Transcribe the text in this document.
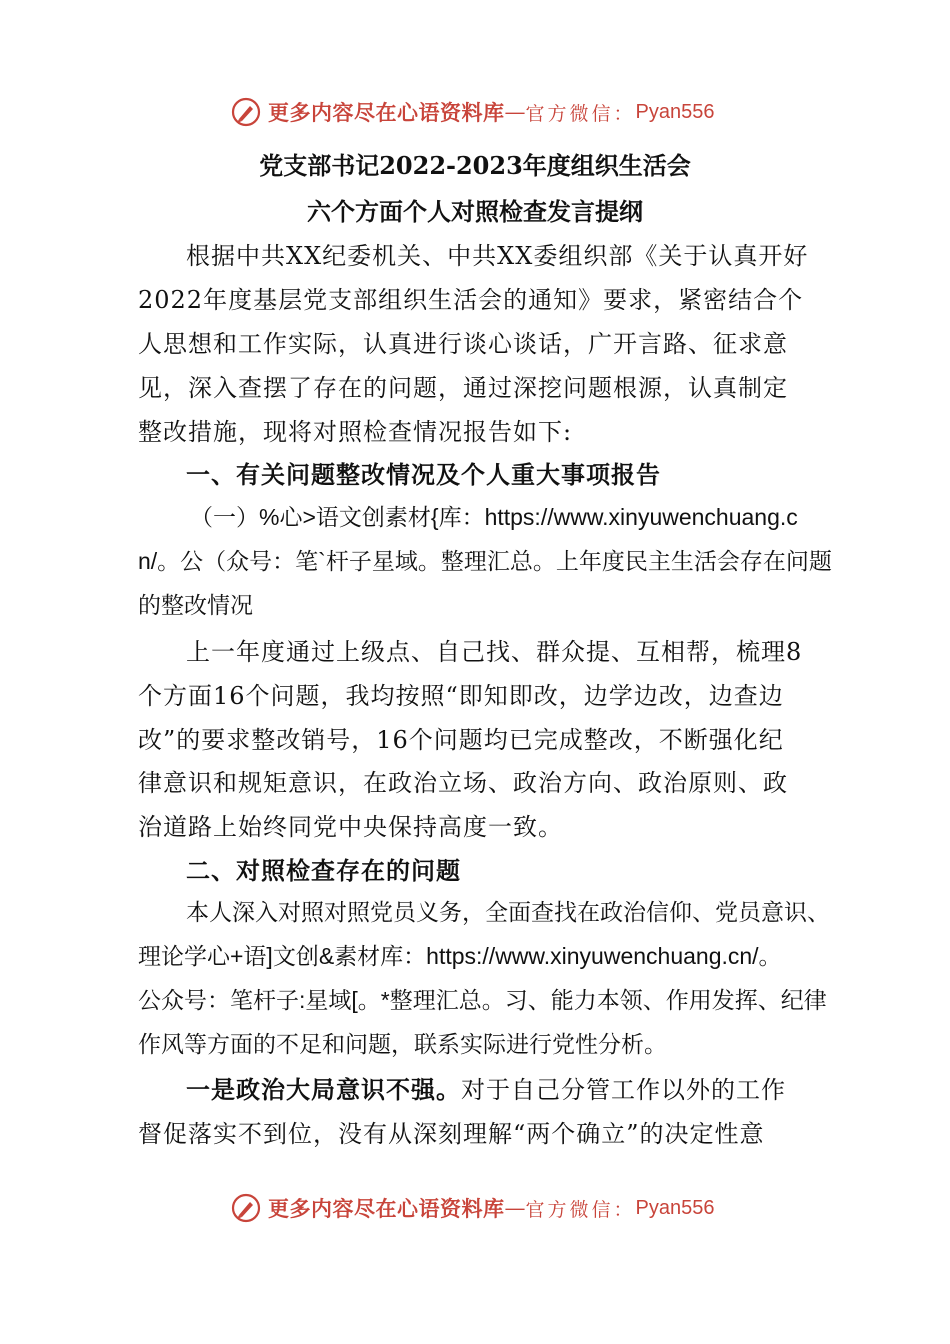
更多内容尽在心语资料库 — 官方微信： Pyan556
党支部书记2022-2023年度组织生活会
六个方面个人对照检查发言提纲
根据中共XX纪委机关、中共XX委组织部《关于认真开好
2022年度基层党支部组织生活会的通知》要求，紧密结合个
人思想和工作实际，认真进行谈心谈话，广开言路、征求意
见，深入查摆了存在的问题，通过深挖问题根源，认真制定
整改措施，现将对照检查情况报告如下:
一、有关问题整改情况及个人重大事项报告
（一）%心>语文创素材{库：https://www.xinyuwenchuang.c
n/。公（众号：笔`杆子星域。整理汇总。上年度民主生活会存在问题
的整改情况
上一年度通过上级点、自己找、群众提、互相帮，梳理8
个方面16个问题，我均按照“即知即改，边学边改，边查边
改”的要求整改销号，16个问题均已完成整改，不断强化纪
律意识和规矩意识，在政治立场、政治方向、政治原则、政
治道路上始终同党中央保持高度一致。
二、对照检查存在的问题
本人深入对照对照党员义务，全面查找在政治信仰、党员意识、
理论学心+语]文创&素材库：https://www.xinyuwenchuang.cn/。
公众号：笔杆子:星域[。*整理汇总。习、能力本领、作用发挥、纪律
作风等方面的不足和问题，联系实际进行党性分析。
一是政治大局意识不强。对于自己分管工作以外的工作
督促落实不到位，没有从深刻理解“两个确立”的决定性意
更多内容尽在心语资料库 — 官方微信： Pyan556
